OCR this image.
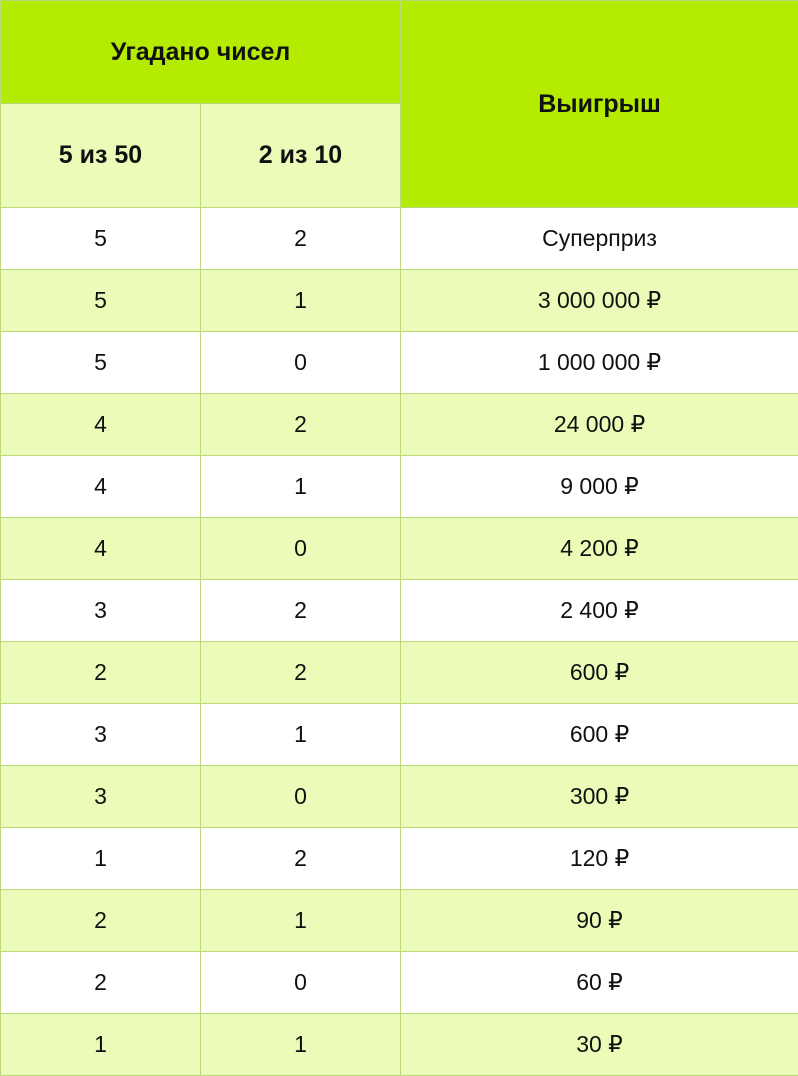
Угадано чисел		Выигрыш
5 из 50	2 из 10	
5	2	Суперприз
5	1	3 000 000 ₽
5	0	1 000 000 ₽
4	2	24 000 ₽
4	1	9 000 ₽
4	0	4 200 ₽
3	2	2 400 ₽
2	2	600 ₽
3	1	600 ₽
3	0	300 ₽
1	2	120 ₽
2	1	90 ₽
2	0	60 ₽
1	1	30 ₽
